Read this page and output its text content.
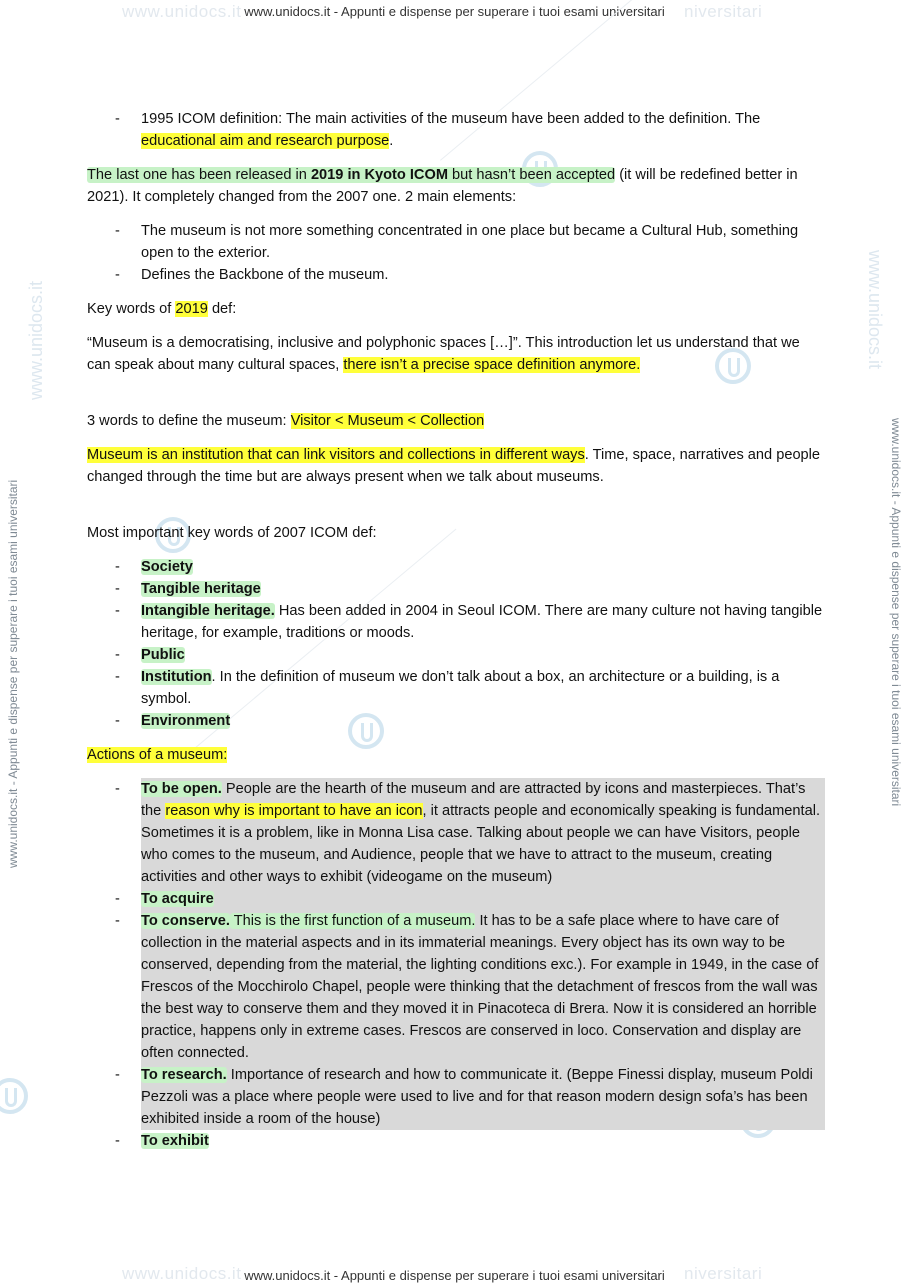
www.unidocs.it	niversitari
www.unidocs.it - Appunti e dispense per superare i tuoi esami universitari
www.unidocs.it	niversitari
www.unidocs.it - Appunti e dispense per superare i tuoi esami universitari
www.unidocs.it - Appunti e dispense per superare i tuoi esami universitari	www.unidocs.it - Appunti e dispense per superare i tuoi esami universitari
www.unidocs.it	www.unidocs.it
-	1995 ICOM definition: The main activities of the museum have been added to the definition. The educational aim and research purpose.

The last one has been released in 2019 in Kyoto ICOM but hasn’t been accepted (it will be redefined better in 2021). It completely changed from the 2007 one. 2 main elements:

-	The museum is not more something concentrated in one place but became a Cultural Hub, something open to the exterior.
-	Defines the Backbone of the museum.

Key words of 2019 def:

“Museum is a democratising, inclusive and polyphonic spaces […]”. This introduction let us understand that we can speak about many cultural spaces, there isn’t a precise space definition anymore.

3 words to define the museum: Visitor < Museum < Collection

Museum is an institution that can link visitors and collections in different ways. Time, space, narratives and people changed through the time but are always present when we talk about museums.

Most important key words of 2007 ICOM def:

-	Society
-	Tangible heritage
-	Intangible heritage. Has been added in 2004 in Seoul ICOM. There are many culture not having tangible heritage, for example, traditions or moods.
-	Public
-	Institution. In the definition of museum we don’t talk about a box, an architecture or a building, is a symbol.
-	Environment

Actions of a museum:

-	To be open. People are the hearth of the museum and are attracted by icons and masterpieces. That’s the reason why is important to have an icon, it attracts people and economically speaking is fundamental. Sometimes it is a problem, like in Monna Lisa case. Talking about people we can have Visitors, people who comes to the museum, and Audience, people that we have to attract to the museum, creating activities and other ways to exhibit (videogame on the museum)
-	To acquire
-	To conserve. This is the first function of a museum. It has to be a safe place where to have care of collection in the material aspects and in its immaterial meanings. Every object has its own way to be conserved, depending from the material, the lighting conditions exc.). For example in 1949, in the case of Frescos of the Mocchirolo Chapel, people were thinking that the detachment of frescos from the wall was the best way to conserve them and they moved it in Pinacoteca di Brera. Now it is considered an horrible practice, happens only in extreme cases. Frescos are conserved in loco. Conservation and display are often connected.
-	To research. Importance of research and how to communicate it. (Beppe Finessi display, museum Poldi Pezzoli was a place where people were used to live and for that reason modern design sofa’s has been exhibited inside a room of the house)
-	To exhibit
